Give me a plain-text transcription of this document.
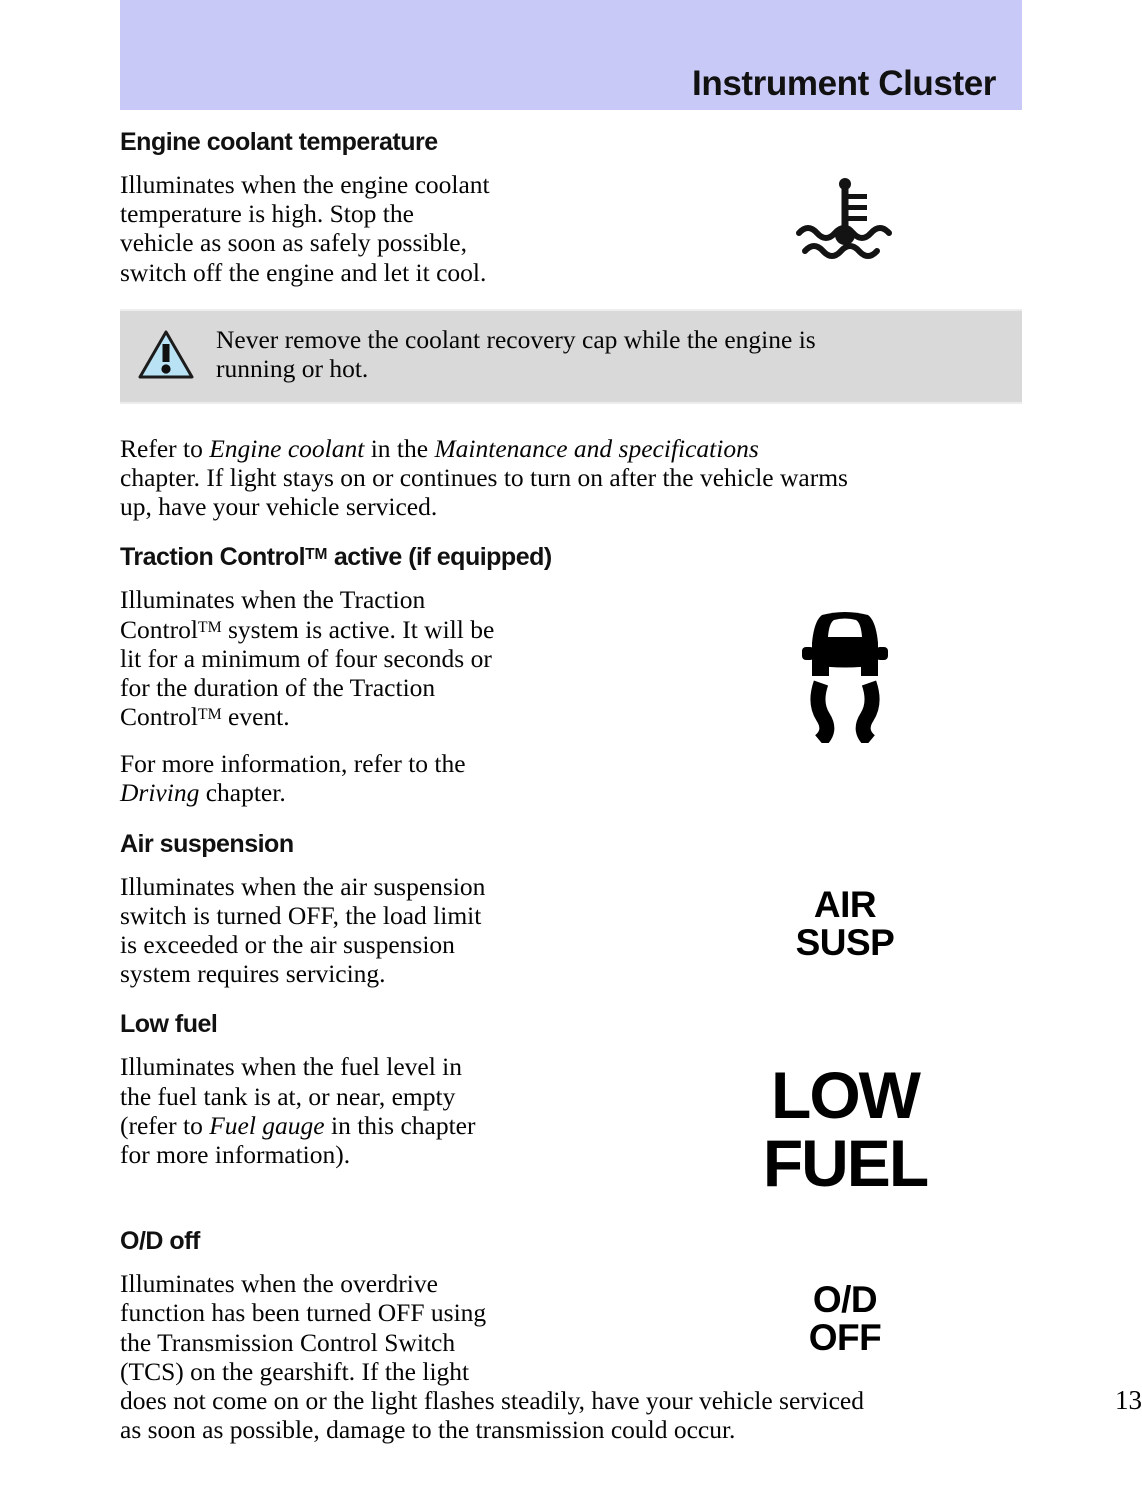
Instrument Cluster
Engine coolant temperature

Illuminates when the engine coolant

temperature is high. Stop the

vehicle as soon as safely possible,

switch off the engine and let it cool.

Never remove the coolant recovery cap while the engine is

running or hot.

Refer to Engine coolant in the Maintenance and specifications

chapter. If light stays on or continues to turn on after the vehicle warms

up, have your vehicle serviced.

Traction Control™ active (if equipped)

Illuminates when the Traction

Control™ system is active. It will be

lit for a minimum of four seconds or

for the duration of the Traction

Control™ event.

For more information, refer to the

Driving chapter.

Air suspension

Illuminates when the air suspension

switch is turned OFF, the load limit

is exceeded or the air suspension

system requires servicing.

AIR
SUSP
Low fuel

Illuminates when the fuel level in

the fuel tank is at, or near, empty

(refer to Fuel gauge in this chapter

for more information).

LOW
FUEL
O/D off

Illuminates when the overdrive

function has been turned OFF using

the Transmission Control Switch

(TCS) on the gearshift. If the light

O/D
OFF

does not come on or the light flashes steadily, have your vehicle serviced

as soon as possible, damage to the transmission could occur.

13
